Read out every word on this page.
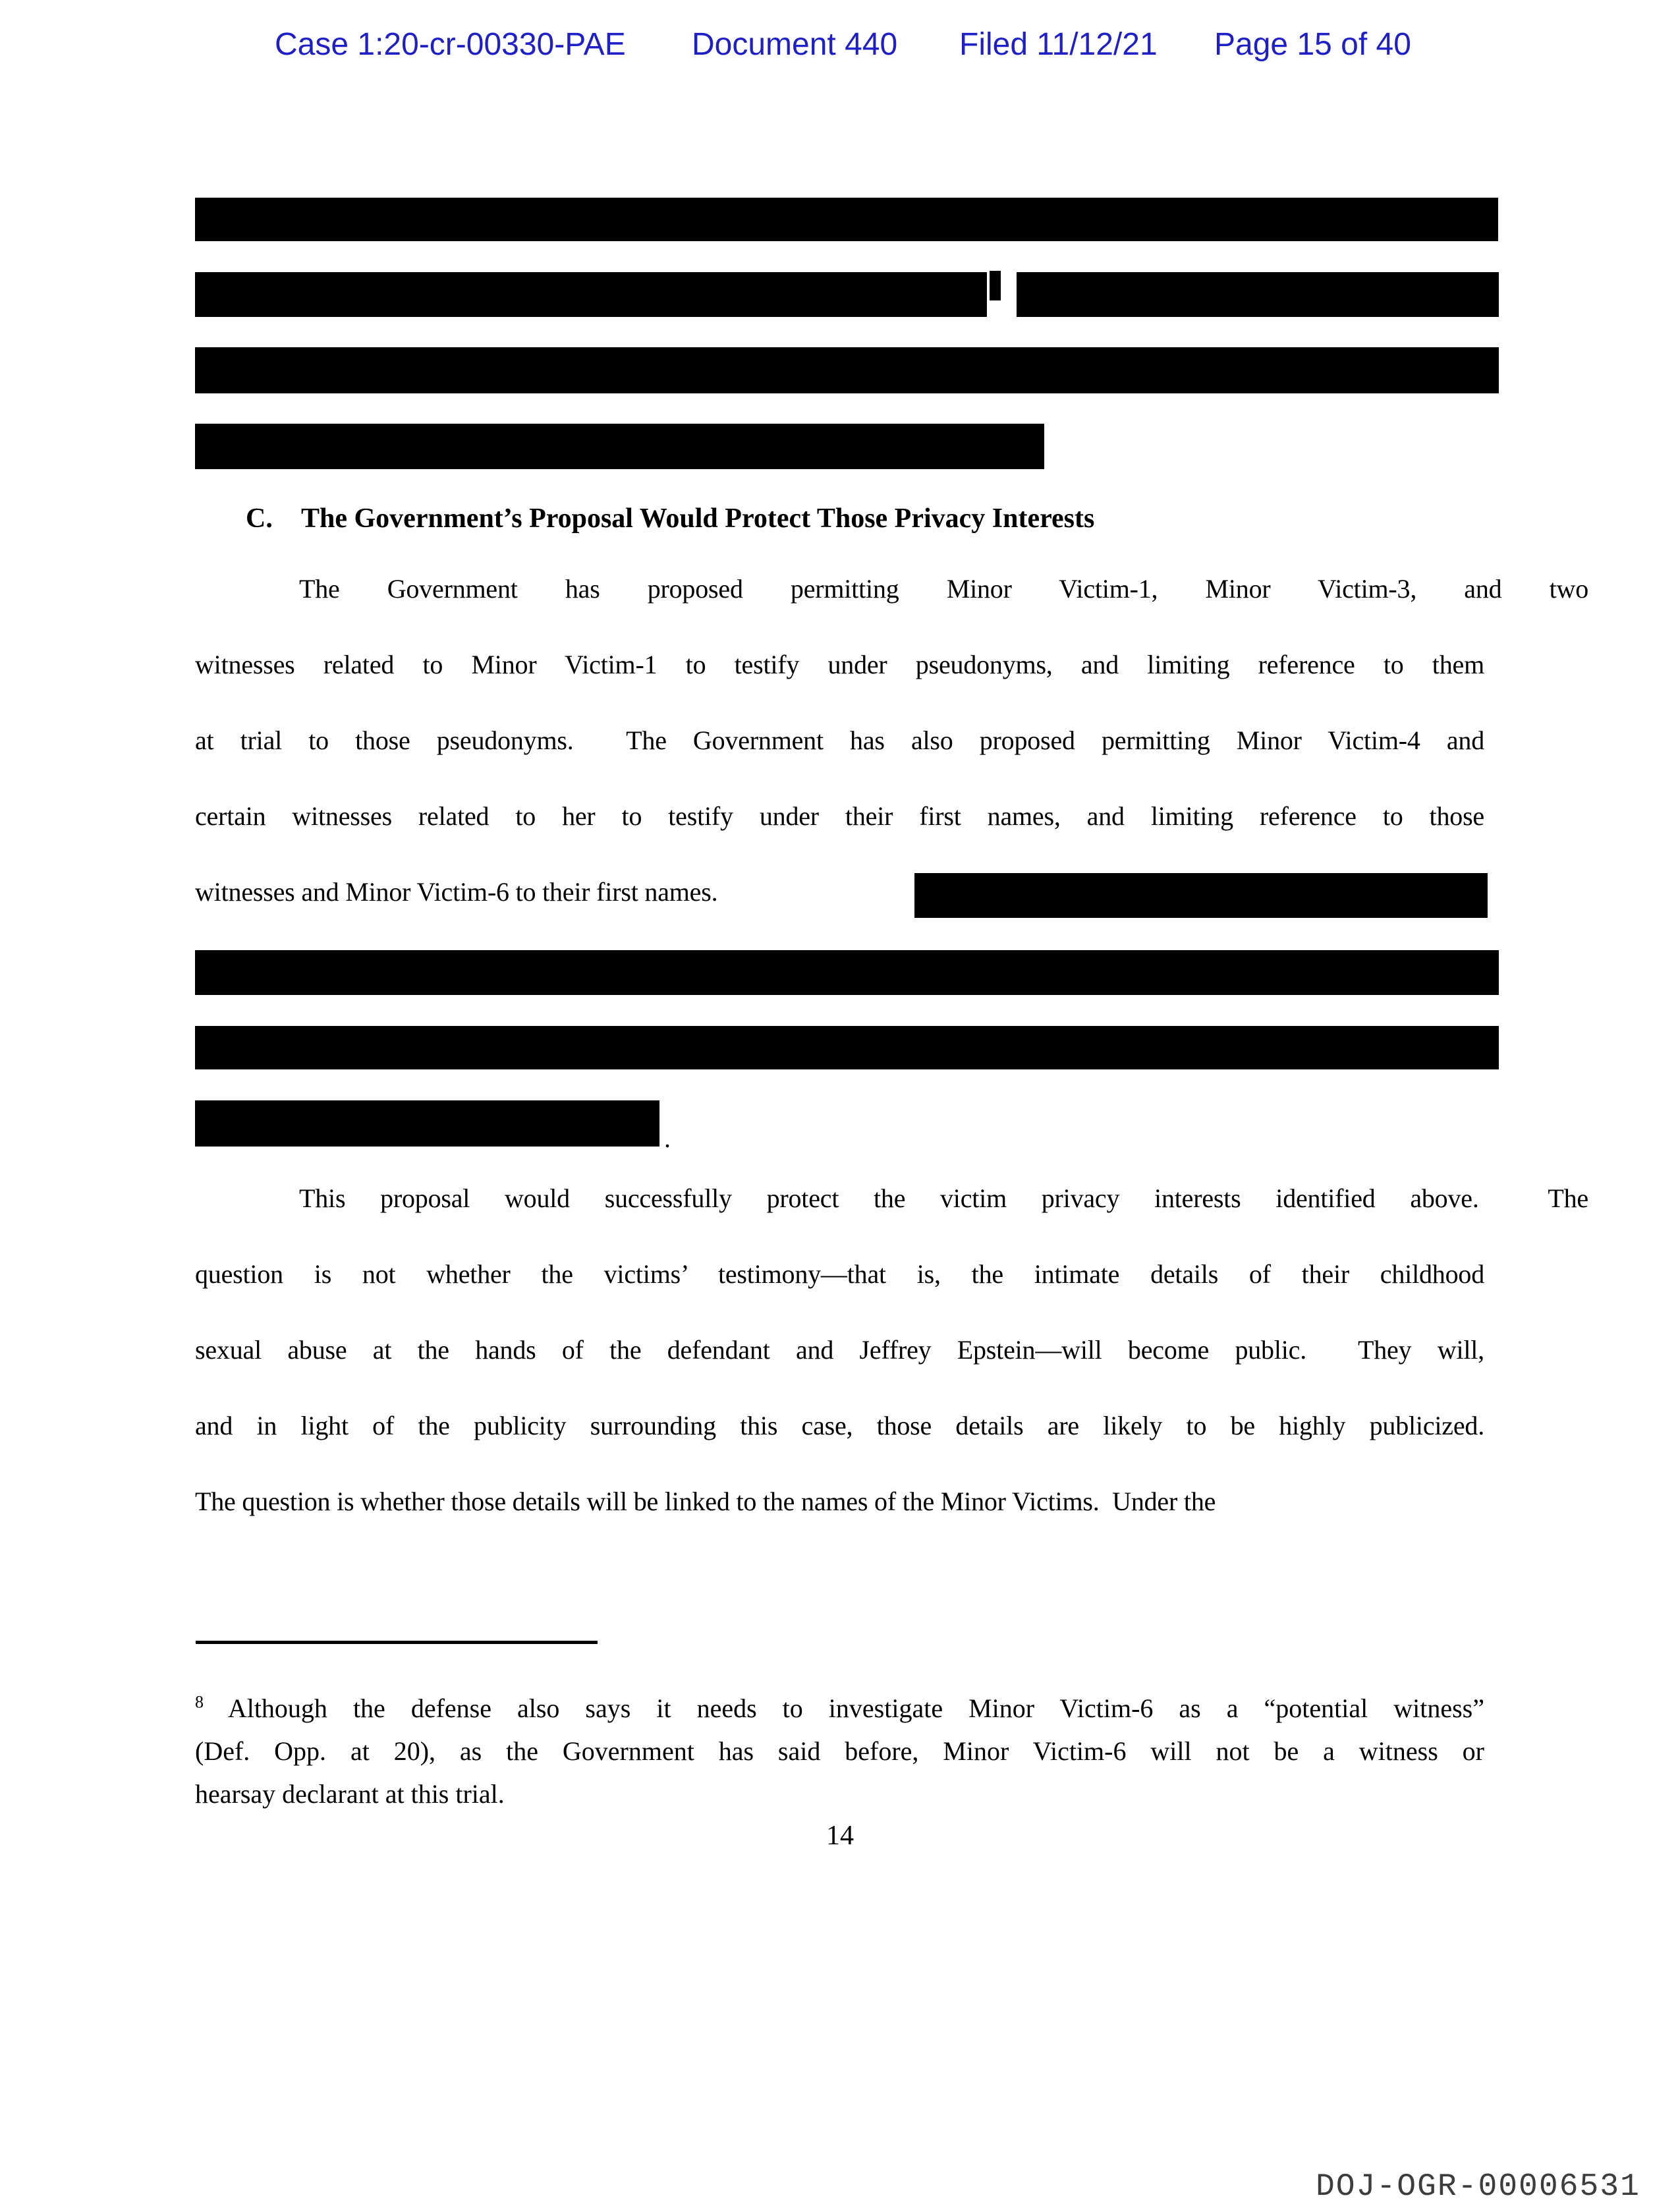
Case 1:20-cr-00330-PAE Document 440 Filed 11/12/21 Page 15 of 40
C. The Government’s Proposal Would Protect Those Privacy Interests
The Government has proposed permitting Minor Victim-1, Minor Victim-3, and two
witnesses related to Minor Victim-1 to testify under pseudonyms, and limiting reference to them
at trial to those pseudonyms.  The Government has also proposed permitting Minor Victim-4 and
certain witnesses related to her to testify under their first names, and limiting reference to those
witnesses and Minor Victim-6 to their first names.
.
This proposal would successfully protect the victim privacy interests identified above.  The
question is not whether the victims’ testimony—that is, the intimate details of their childhood
sexual abuse at the hands of the defendant and Jeffrey Epstein—will become public.  They will,
and in light of the publicity surrounding this case, those details are likely to be highly publicized.
The question is whether those details will be linked to the names of the Minor Victims.  Under the
$^8$ Although the defense also says it needs to investigate Minor Victim-6 as a “potential witness”
(Def. Opp. at 20), as the Government has said before, Minor Victim-6 will not be a witness or
hearsay declarant at this trial.
14
DOJ-OGR-00006531
